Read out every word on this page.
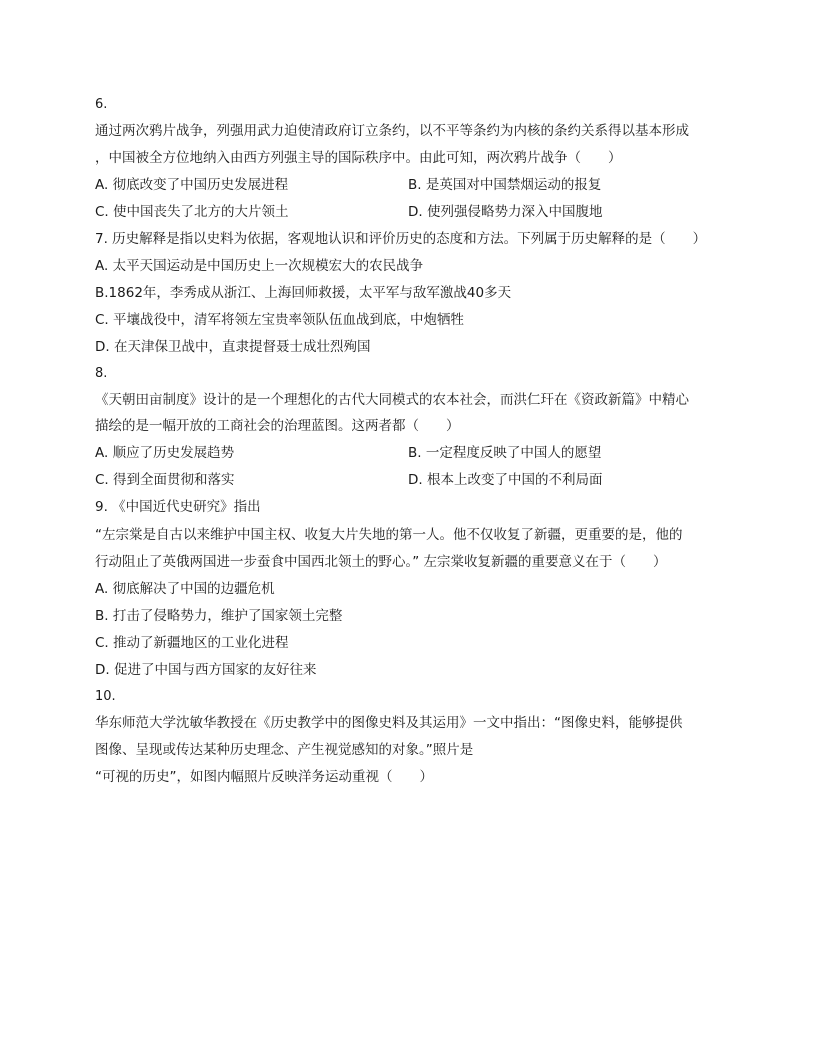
6.
通过两次鸦片战争，列强用武力迫使清政府订立条约，以不平等条约为内核的条约关系得以基本形成
，中国被全方位地纳入由西方列强主导的国际秩序中。由此可知，两次鸦片战争（　　）
A. 彻底改变了中国历史发展进程	B. 是英国对中国禁烟运动的报复
C. 使中国丧失了北方的大片领土	D. 使列强侵略势力深入中国腹地
7. 历史解释是指以史料为依据，客观地认识和评价历史的态度和方法。下列属于历史解释的是（　　）
A. 太平天国运动是中国历史上一次规模宏大的农民战争
B.1862年，李秀成从浙江、上海回师救援，太平军与敌军激战40多天
C. 平壤战役中，清军将领左宝贵率领队伍血战到底，中炮牺牲
D. 在天津保卫战中，直隶提督聂士成壮烈殉国
8.
《天朝田亩制度》设计的是一个理想化的古代大同模式的农本社会，而洪仁玕在《资政新篇》中精心
描绘的是一幅开放的工商社会的治理蓝图。这两者都（　　）
A. 顺应了历史发展趋势	B. 一定程度反映了中国人的愿望
C. 得到全面贯彻和落实	D. 根本上改变了中国的不利局面
9. 《中国近代史研究》指出
“左宗棠是自古以来维护中国主权、收复大片失地的第一人。他不仅收复了新疆，更重要的是，他的
行动阻止了英俄两国进一步蚕食中国西北领土的野心。” 左宗棠收复新疆的重要意义在于（　　）
A. 彻底解决了中国的边疆危机
B. 打击了侵略势力，维护了国家领土完整
C. 推动了新疆地区的工业化进程
D. 促进了中国与西方国家的友好往来
10.
华东师范大学沈敏华教授在《历史教学中的图像史料及其运用》一文中指出：“图像史料，能够提供
图像、呈现或传达某种历史理念、产生视觉感知的对象。”照片是
“可视的历史”，如图内幅照片反映洋务运动重视（　　）
